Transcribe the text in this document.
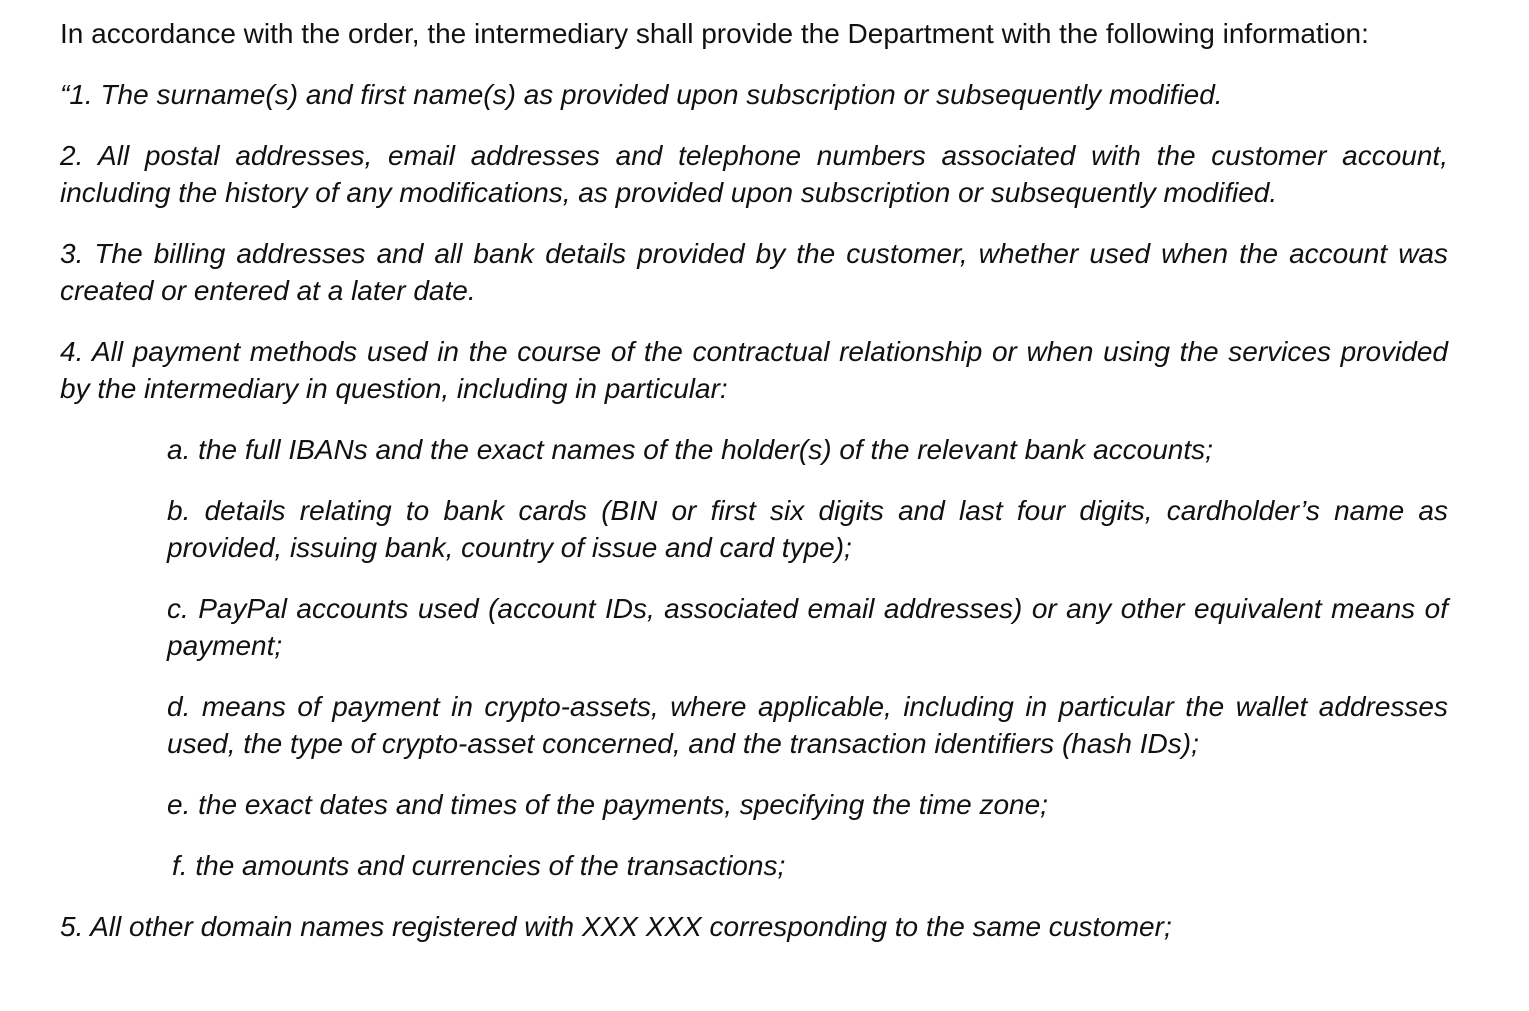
In accordance with the order, the intermediary shall provide the Department with the following information:

“1. The surname(s) and first name(s) as provided upon subscription or subsequently modified.

2. All postal addresses, email addresses and telephone numbers associated with the customer account, including the history of any modifications, as provided upon subscription or subsequently modified.

3. The billing addresses and all bank details provided by the customer, whether used when the account was created or entered at a later date.

4. All payment methods used in the course of the contractual relationship or when using the services provided by the intermediary in question, including in particular:

a. the full IBANs and the exact names of the holder(s) of the relevant bank accounts;

b. details relating to bank cards (BIN or first six digits and last four digits, cardholder’s name as provided, issuing bank, country of issue and card type);

c. PayPal accounts used (account IDs, associated email addresses) or any other equivalent means of payment;

d. means of payment in crypto-assets, where applicable, including in particular the wallet addresses used, the type of crypto-asset concerned, and the transaction identifiers (hash IDs);

e. the exact dates and times of the payments, specifying the time zone;

f. the amounts and currencies of the transactions;

5. All other domain names registered with XXX XXX corresponding to the same customer;
